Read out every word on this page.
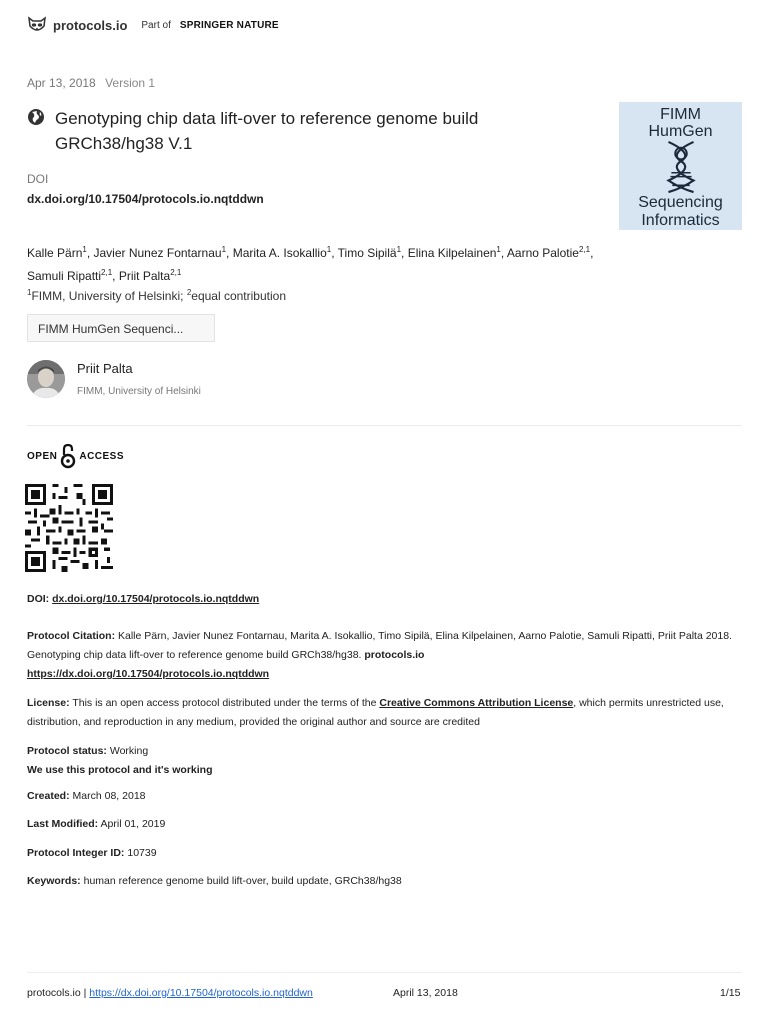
protocols.io Part of SPRINGER NATURE
Apr 13, 2018 Version 1
Genotyping chip data lift-over to reference genome build GRCh38/hg38 V.1
DOI
dx.doi.org/10.17504/protocols.io.nqtddwn
FIMM
HumGen
Sequencing
Informatics
Kalle Pärn$^1$, Javier Nunez Fontarnau$^1$, Marita A. Isokallio$^1$, Timo Sipilä$^1$, Elina Kilpelainen$^1$, Aarno Palotie$^{2,1}$,
Samuli Ripatti$^{2,1}$, Priit Palta$^{2,1}$
$^1$FIMM, University of Helsinki; $^2$equal contribution
FIMM HumGen Sequenci...
Priit Palta
FIMM, University of Helsinki
OPEN ACCESS
DOI: dx.doi.org/10.17504/protocols.io.nqtddwn
Protocol Citation: Kalle Pärn, Javier Nunez Fontarnau, Marita A. Isokallio, Timo Sipilä, Elina Kilpelainen, Aarno Palotie, Samuli Ripatti, Priit Palta 2018. Genotyping chip data lift-over to reference genome build GRCh38/hg38. protocols.io
https://dx.doi.org/10.17504/protocols.io.nqtddwn
License: This is an open access protocol distributed under the terms of the Creative Commons Attribution License, which permits unrestricted use, distribution, and reproduction in any medium, provided the original author and source are credited
Protocol status: Working
We use this protocol and it's working
Created: March 08, 2018
Last Modified: April 01, 2019
Protocol Integer ID: 10739
Keywords: human reference genome build lift-over, build update, GRCh38/hg38
protocols.io | https://dx.doi.org/10.17504/protocols.io.nqtddwn	April 13, 2018	1/15
